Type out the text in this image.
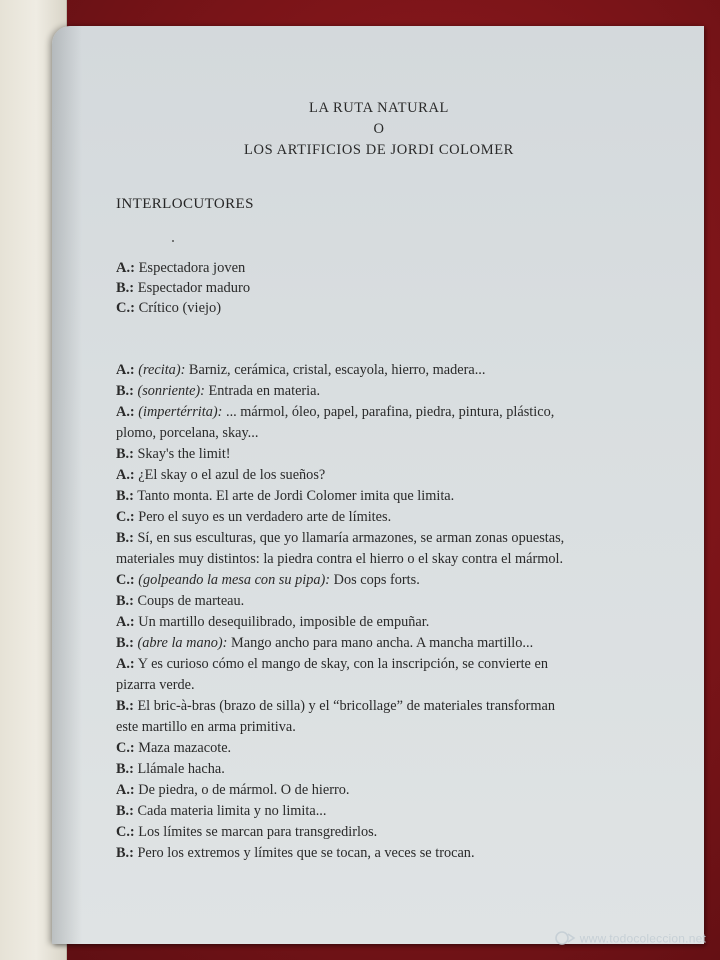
LA RUTA NATURAL
O
LOS ARTIFICIOS DE JORDI COLOMER
INTERLOCUTORES
A.: Espectadora joven
B.: Espectador maduro
C.: Crítico (viejo)
A.: (recita): Barniz, cerámica, cristal, escayola, hierro, madera...
B.: (sonriente): Entrada en materia.
A.: (impertérrita): ... mármol, óleo, papel, parafina, piedra, pintura, plástico,
plomo, porcelana, skay...
B.: Skay's the limit!
A.: ¿El skay o el azul de los sueños?
B.: Tanto monta. El arte de Jordi Colomer imita que limita.
C.: Pero el suyo es un verdadero arte de límites.
B.: Sí, en sus esculturas, que yo llamaría armazones, se arman zonas opuestas,
materiales muy distintos: la piedra contra el hierro o el skay contra el mármol.
C.: (golpeando la mesa con su pipa): Dos cops forts.
B.: Coups de marteau.
A.: Un martillo desequilibrado, imposible de empuñar.
B.: (abre la mano): Mango ancho para mano ancha. A mancha martillo...
A.: Y es curioso cómo el mango de skay, con la inscripción, se convierte en
pizarra verde.
B.: El bric-à-bras (brazo de silla) y el “bricollage” de materiales transforman
este martillo en arma primitiva.
C.: Maza mazacote.
B.: Llámale hacha.
A.: De piedra, o de mármol. O de hierro.
B.: Cada materia limita y no limita...
C.: Los límites se marcan para transgredirlos.
B.: Pero los extremos y límites que se tocan, a veces se trocan.
www.todocoleccion.net
